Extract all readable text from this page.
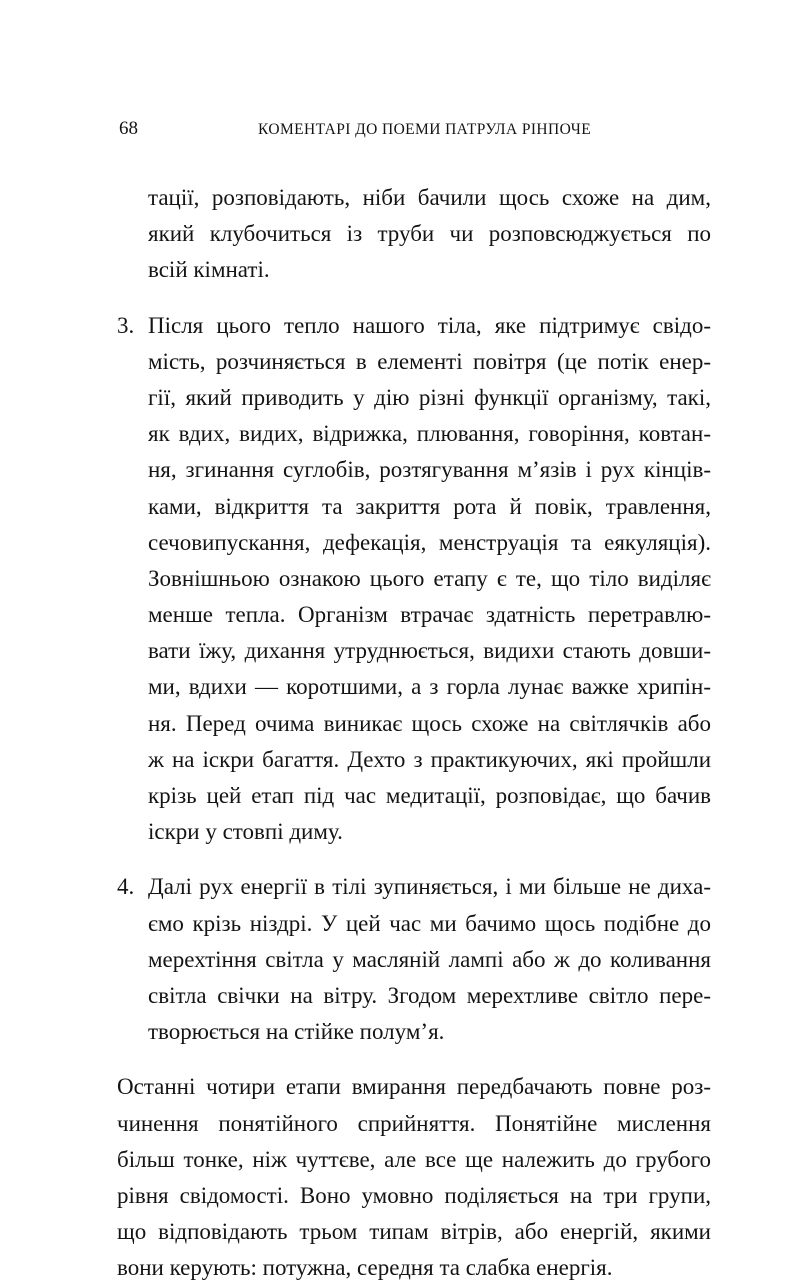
68	КОМЕНТАРІ ДО ПОЕМИ ПАТРУЛА РІНПОЧЕ
тації, розповідають, ніби бачили щось схоже на дим,
який клубочиться із труби чи розповсюджується по
всій кімнаті.
3. Після цього тепло нашого тіла, яке підтримує свідо-
мість, розчиняється в елементі повітря (це потік енер-
гії, який приводить у дію різні функції організму, такі,
як вдих, видих, відрижка, плювання, говоріння, ковтан-
ня, згинання суглобів, розтягування м’язів і рух кінців-
ками, відкриття та закриття рота й повік, травлення,
сечовипускання, дефекація, менструація та еякуляція).
Зовнішньою ознакою цього етапу є те, що тіло виділяє
менше тепла. Організм втрачає здатність перетравлю-
вати їжу, дихання утруднюється, видихи стають довши-
ми, вдихи — коротшими, а з горла лунає важке хрипін-
ня. Перед очима виникає щось схоже на світлячків або
ж на іскри багаття. Дехто з практикуючих, які пройшли
крізь цей етап під час медитації, розповідає, що бачив
іскри у стовпі диму.
4. Далі рух енергії в тілі зупиняється, і ми більше не диха-
ємо крізь ніздрі. У цей час ми бачимо щось подібне до
мерехтіння світла у масляній лампі або ж до коливання
світла свічки на вітру. Згодом мерехтливе світло пере-
творюється на стійке полум’я.
Останні чотири етапи вмирання передбачають повне роз-
чинення понятійного сприйняття. Понятійне мислення
більш тонке, ніж чуттєве, але все ще належить до грубого
рівня свідомості. Воно умовно поділяється на три групи,
що відповідають трьом типам вітрів, або енергій, якими
вони керують: потужна, середня та слабка енергія.
